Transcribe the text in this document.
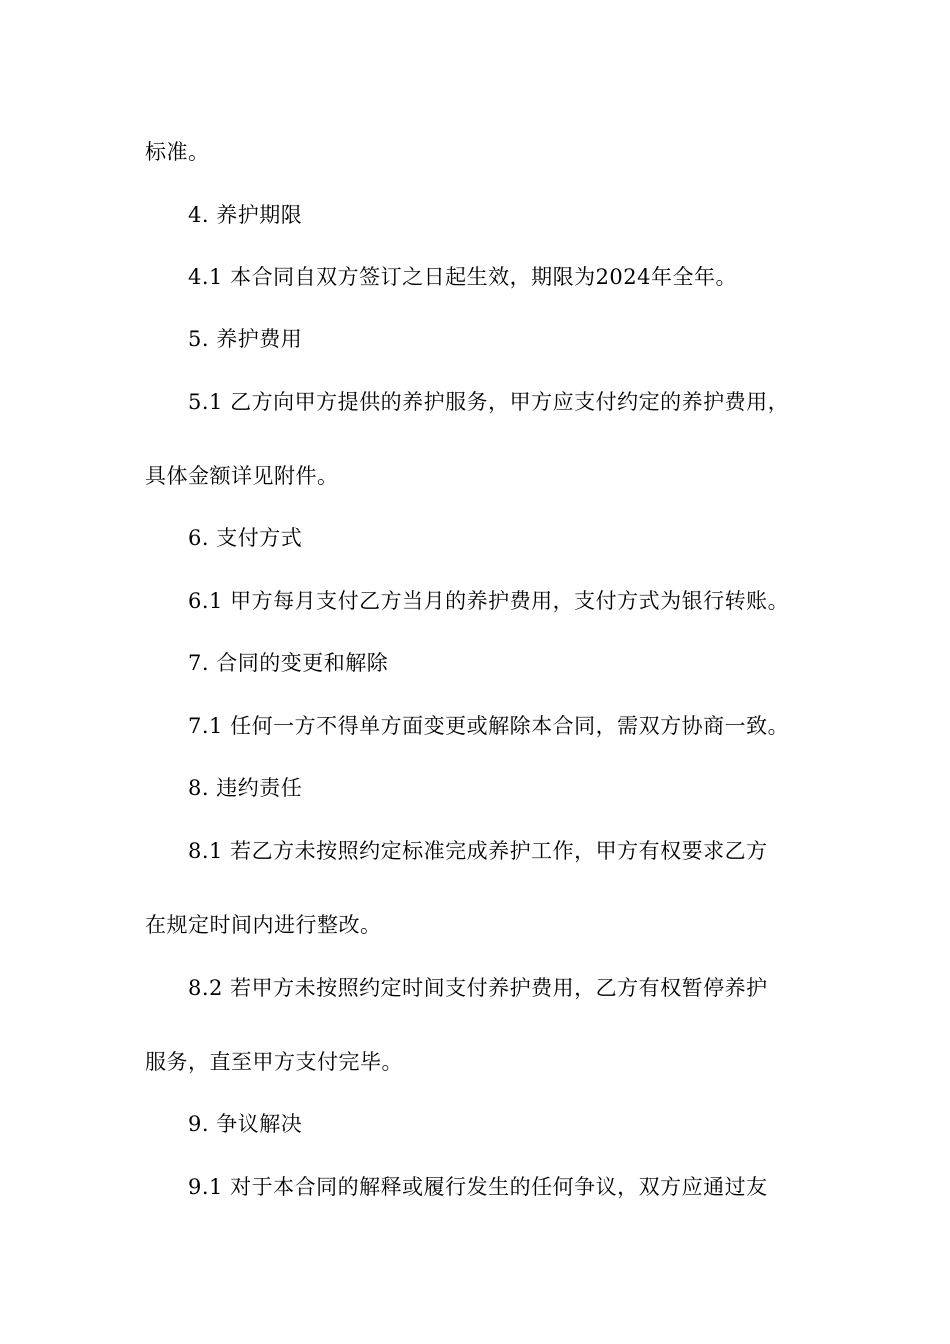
标准。
4. 养护期限
4.1 本合同自双方签订之日起生效，期限为2024年全年。
5. 养护费用
5.1 乙方向甲方提供的养护服务，甲方应支付约定的养护费用，
具体金额详见附件。
6. 支付方式
6.1 甲方每月支付乙方当月的养护费用，支付方式为银行转账。
7. 合同的变更和解除
7.1 任何一方不得单方面变更或解除本合同，需双方协商一致。
8. 违约责任
8.1 若乙方未按照约定标准完成养护工作，甲方有权要求乙方
在规定时间内进行整改。
8.2 若甲方未按照约定时间支付养护费用，乙方有权暂停养护
服务，直至甲方支付完毕。
9. 争议解决
9.1 对于本合同的解释或履行发生的任何争议，双方应通过友
